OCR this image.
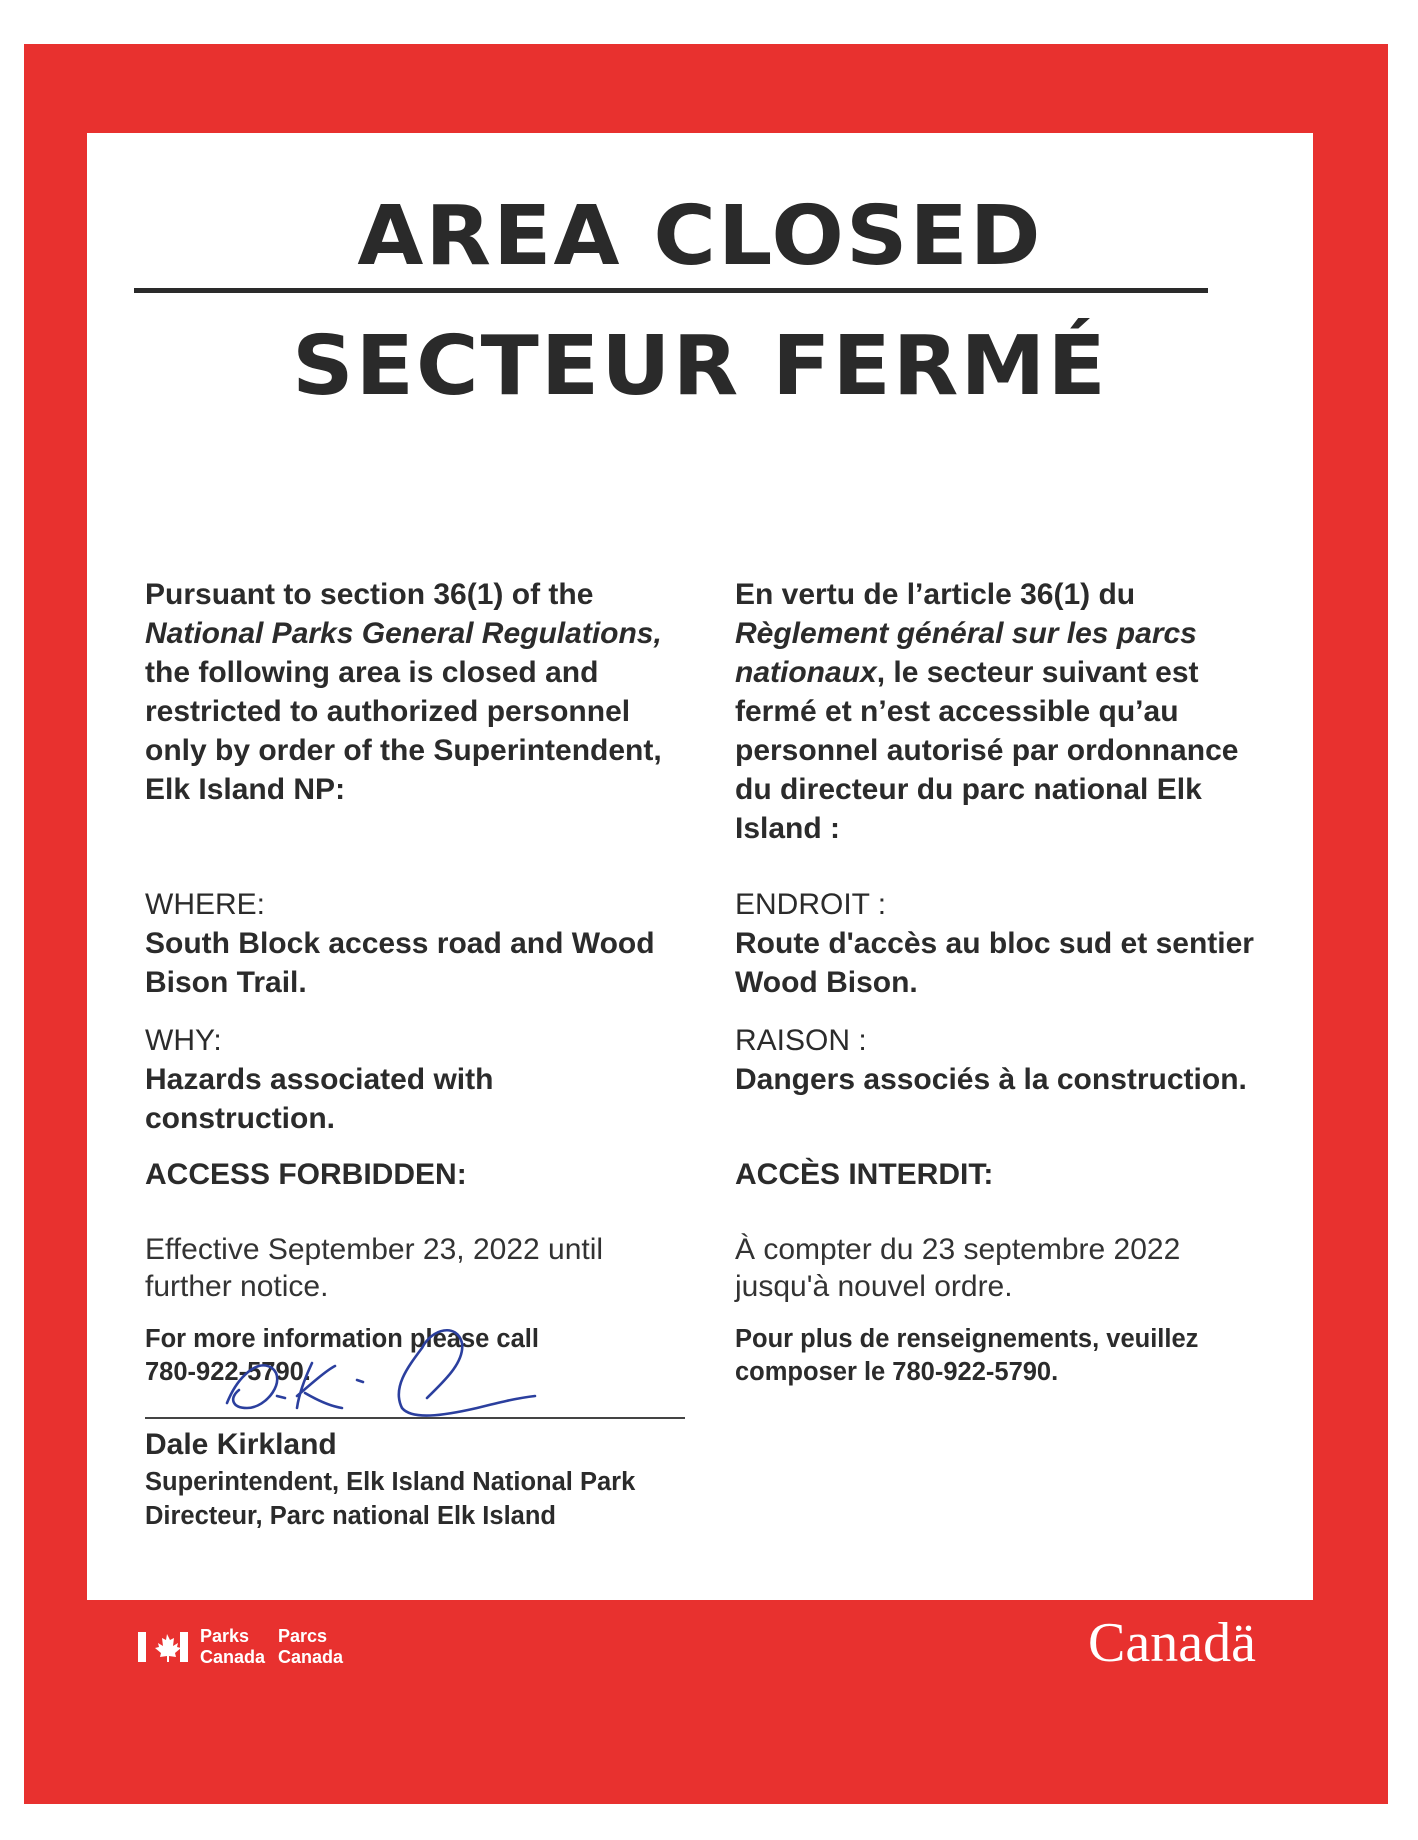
AREA CLOSED
SECTEUR FERMÉ
Pursuant to section 36(1) of the
National Parks General Regulations,
the following area is closed and
restricted to authorized personnel
only by order of the Superintendent,
Elk Island NP:
WHERE:
South Block access road and Wood
Bison Trail.
WHY:
Hazards associated with
construction.
ACCESS FORBIDDEN:
Effective September 23, 2022 until
further notice.
For more information please call
780-922-5790.
En vertu de l’article 36(1) du
Règlement général sur les parcs
nationaux, le secteur suivant est
fermé et n’est accessible qu’au
personnel autorisé par ordonnance
du directeur du parc national Elk
Island :
ENDROIT :
Route d'accès au bloc sud et sentier
Wood Bison.
RAISON :
Dangers associés à la construction.
ACCÈS INTERDIT:
À compter du 23 septembre 2022
jusqu'à nouvel ordre.
Pour plus de renseignements, veuillez
composer le 780-922-5790.
Dale Kirkland
Superintendent, Elk Island National Park
Directeur, Parc national Elk Island
Parks
Canada
Parcs
Canada	Canadä
